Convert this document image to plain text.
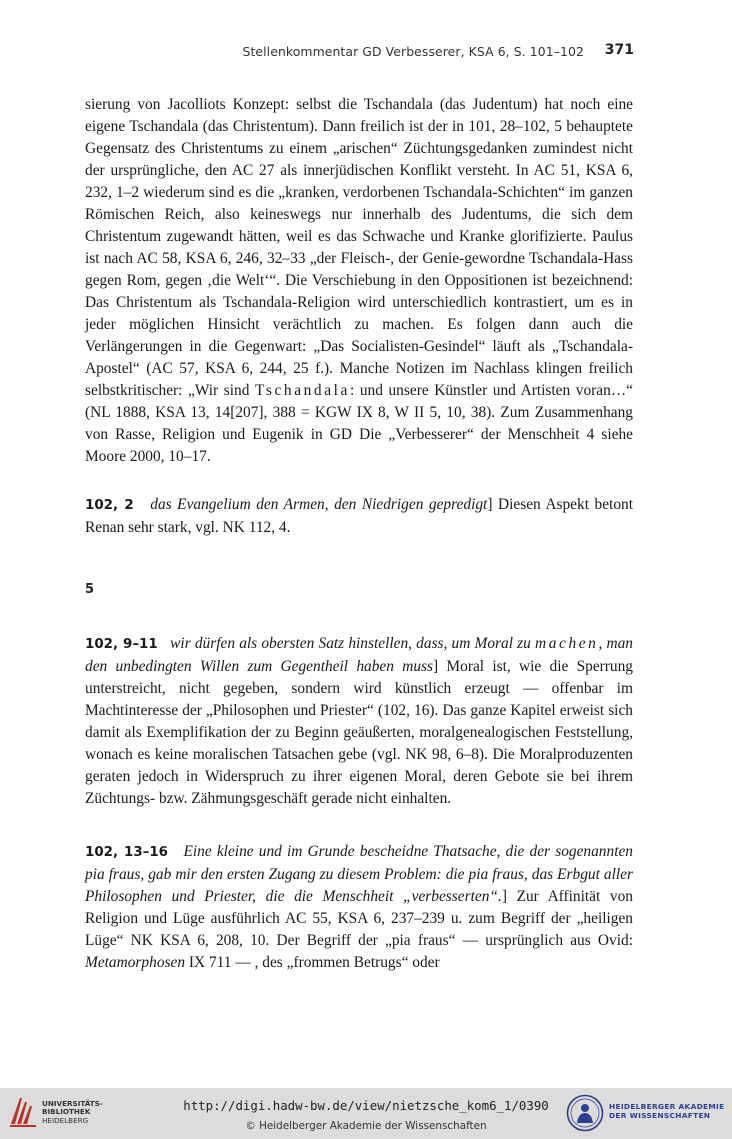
Stellenkommentar GD Verbesserer, KSA 6, S. 101–102 371
sierung von Jacolliots Konzept: selbst die Tschandala (das Judentum) hat noch eine eigene Tschandala (das Christentum). Dann freilich ist der in 101, 28–102, 5 behauptete Gegensatz des Christentums zu einem „arischen“ Züchtungsgedanken zumindest nicht der ursprüngliche, den AC 27 als innerjüdischen Konflikt versteht. In AC 51, KSA 6, 232, 1–2 wiederum sind es die „kranken, verdorbenen Tschandala-Schichten“ im ganzen Römischen Reich, also keineswegs nur innerhalb des Judentums, die sich dem Christentum zugewandt hätten, weil es das Schwache und Kranke glorifizierte. Paulus ist nach AC 58, KSA 6, 246, 32–33 „der Fleisch-, der Genie-gewordne Tschandala-Hass gegen Rom, gegen ‚die Welt‘“. Die Verschiebung in den Oppositionen ist bezeichnend: Das Christentum als Tschandala-Religion wird unterschiedlich kontrastiert, um es in jeder möglichen Hinsicht verächtlich zu machen. Es folgen dann auch die Verlängerungen in die Gegenwart: „Das Socialisten-Gesindel“ läuft als „Tschandala-Apostel“ (AC 57, KSA 6, 244, 25 f.). Manche Notizen im Nachlass klingen freilich selbstkritischer: „Wir sind Tschandala: und unsere Künstler und Artisten voran…“ (NL 1888, KSA 13, 14[207], 388 = KGW IX 8, W II 5, 10, 38). Zum Zusammenhang von Rasse, Religion und Eugenik in GD Die „Verbesserer“ der Menschheit 4 siehe Moore 2000, 10–17.
102, 2 das Evangelium den Armen, den Niedrigen gepredigt] Diesen Aspekt betont Renan sehr stark, vgl. NK 112, 4.
5
102, 9–11 wir dürfen als obersten Satz hinstellen, dass, um Moral zu machen, man den unbedingten Willen zum Gegentheil haben muss] Moral ist, wie die Sperrung unterstreicht, nicht gegeben, sondern wird künstlich erzeugt — offenbar im Machtinteresse der „Philosophen und Priester“ (102, 16). Das ganze Kapitel erweist sich damit als Exemplifikation der zu Beginn geäußerten, moralgenealogischen Feststellung, wonach es keine moralischen Tatsachen gebe (vgl. NK 98, 6–8). Die Moralproduzenten geraten jedoch in Widerspruch zu ihrer eigenen Moral, deren Gebote sie bei ihrem Züchtungs- bzw. Zähmungsgeschäft gerade nicht einhalten.
102, 13–16 Eine kleine und im Grunde bescheidne Thatsache, die der sogenannten pia fraus, gab mir den ersten Zugang zu diesem Problem: die pia fraus, das Erbgut aller Philosophen und Priester, die die Menschheit „verbesserten“.] Zur Affinität von Religion und Lüge ausführlich AC 55, KSA 6, 237–239 u. zum Begriff der „heiligen Lüge“ NK KSA 6, 208, 10. Der Begriff der „pia fraus“ — ursprünglich aus Ovid: Metamorphosen IX 711 — , des „frommen Betrugs“ oder
UNIVERSITÄTS-
BIBLIOTHEK
HEIDELBERG
http://digi.hadw-bw.de/view/nietzsche_kom6_1/0390
© Heidelberger Akademie der Wissenschaften
HEIDELBERGER AKADEMIE
DER WISSENSCHAFTEN
